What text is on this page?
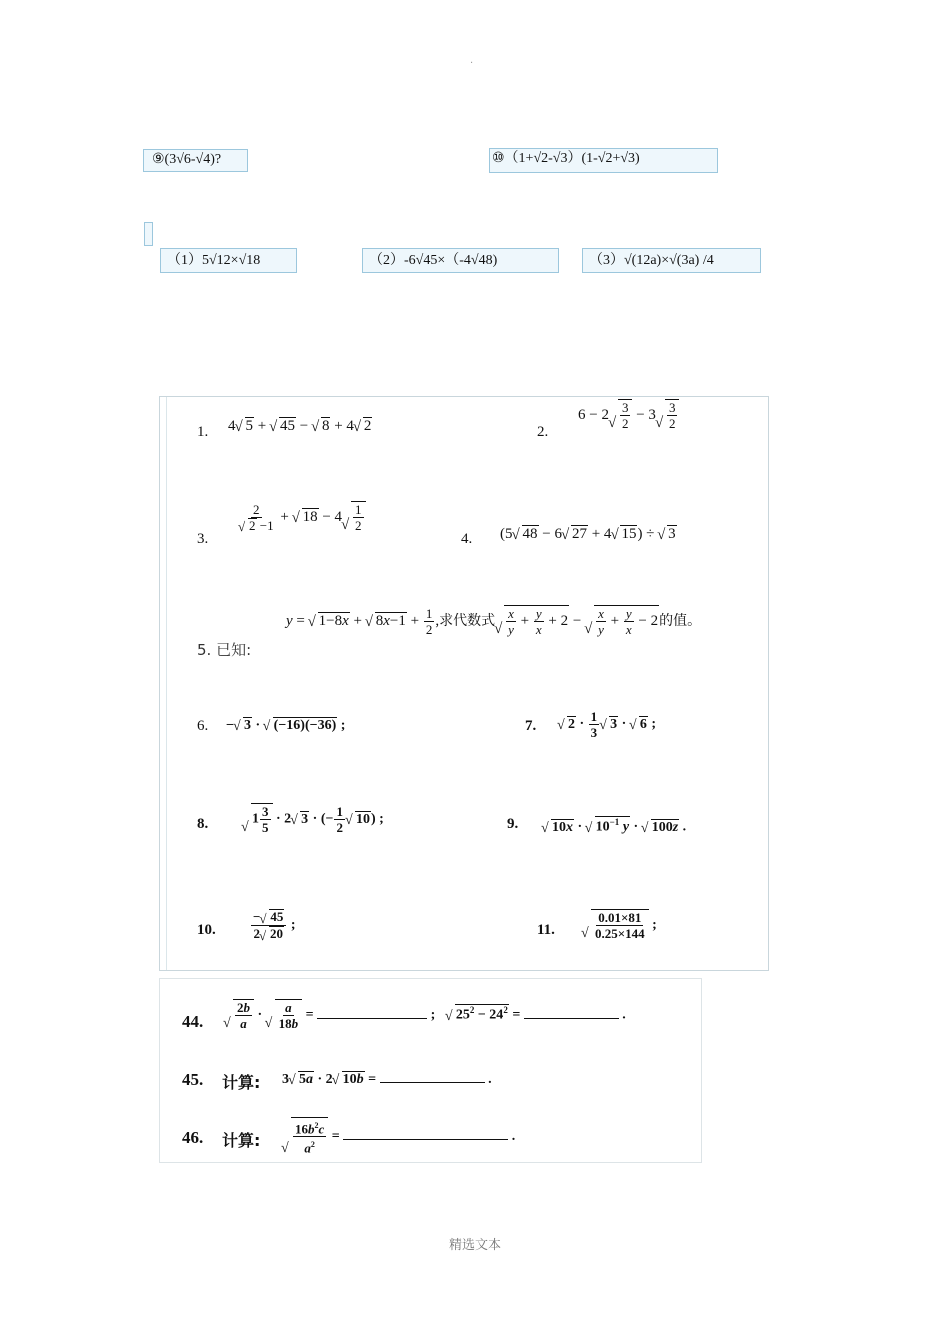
·
⑨(3√6-√4)?	⑩（1+√2-√3）(1-√2+√3)
（1）5√12×√18	（2）-6√45×（-4√48)	（3）√(12a)×√(3a) /4
1. 4√ 5 + √ 45 − √ 8 + 4√ 2	2.
6 − 2
√ $\frac{3}{2} - 3$
√ $\frac{3}{2}$
3.
2
√ 2 −1 + √ 18 − 4
√ $\frac{1}{2}$
4. (5√ 48 − 6√ 27 + 4√ 15) ÷ √ 3
5. 已知:
y = √ 1−8x + √ $8x-1 + \frac{1}{2}$ ,求代数式
√ $\frac{x}{y} + \frac{y}{x} + 2$ −
√ $\frac{x}{y} + \frac{y}{x} - 2$的值。
6. −√ 3 · √ (−16)(−36) ;	7.
√	$2 \cdot \frac{1}{3}$
√ 3 · √ 6 ;
8.
√	$1 \frac{3}{5} \cdot 2√$ 3 · (− $\frac{1}{2}$
√ 10) ;	9.
√	10x · √ $10^{-1}$ y · √ 100z .
10.	$\frac{-√ 45}{2√ 20}$ ;	11.
√	$\frac{0.01\times 81}{0.25\times 144}$ ;
44.
√ $\frac{2b}{a}$ ·
√ $\frac{a}{18b}$ =	;   √ $25^2 - 24^2$ =	.
45. 计算: 3√ 5a · 2√ 10b =	.
46. 计算:
√	$\frac{16b^2c}{a^2}$ =	.
精选文本
